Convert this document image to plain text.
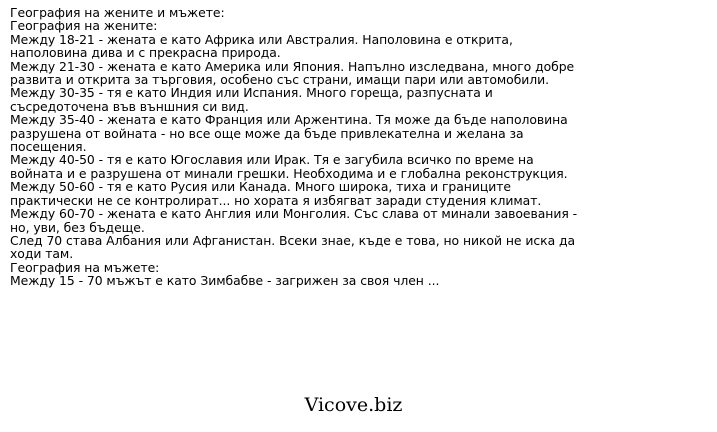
География на жените и мъжете:

География на жените:

Между 18-21 - жената е като Африка или Австралия. Наполовина е открита, наполовина дива и с прекрасна природа.

Между 21-30 - жената е като Америка или Япония. Напълно изследвана, много добре развита и открита за търговия, особено със страни, имащи пари или автомобили.

Между 30-35 - тя е като Индия или Испания. Много гореща, разпусната и съсредоточена във външния си вид.

Между 35-40 - жената е като Франция или Аржентина. Тя може да бъде наполовина разрушена от войната - но все още може да бъде привлекателна и желана за посещения.

Между 40-50 - тя е като Югославия или Ирак. Тя е загубила всичко по време на войната и е разрушена от минали грешки. Необходима и е глобална реконструкция.

Между 50-60 - тя е като Русия или Канада. Много широка, тиха и границите практически не се контролират... но хората я избягват заради студения климат.

Между 60-70 - жената е като Англия или Монголия. Със слава от минали завоевания - но, уви, без бъдеще.

След 70 става Албания или Афганистан. Всеки знае, къде е това, но никой не иска да ходи там.

География на мъжете:

Между 15 - 70 мъжът е като Зимбабве - загрижен за своя член ...

Vicove.biz
